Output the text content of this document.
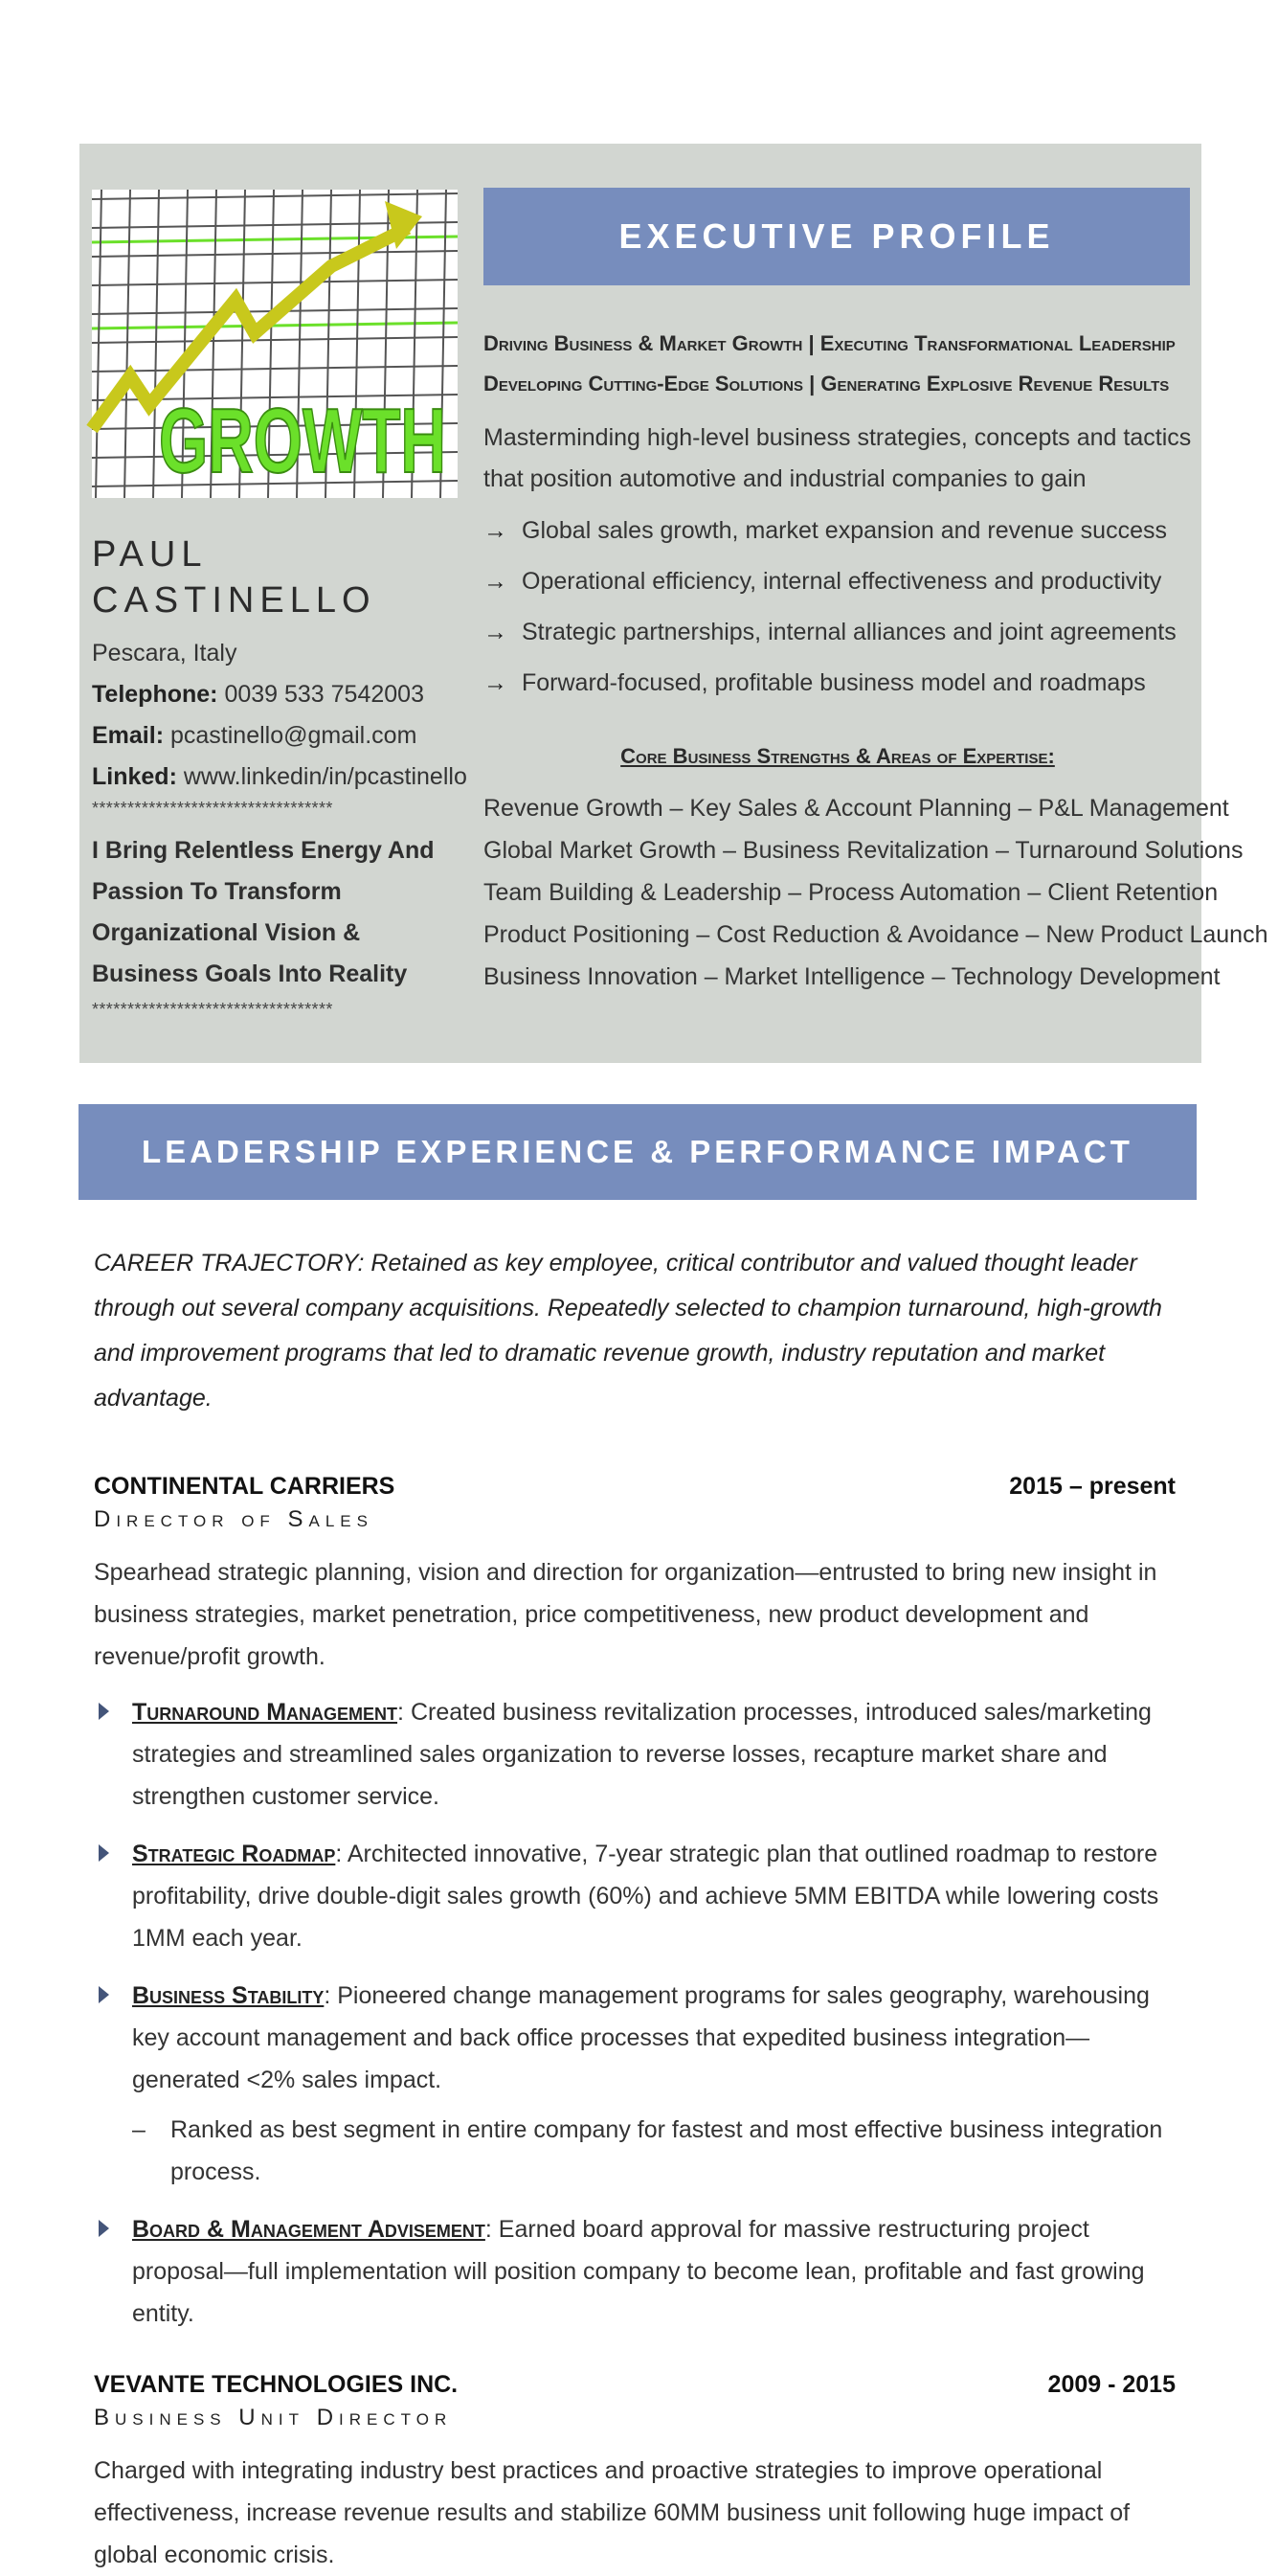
GROWTH
PAUL CASTINELLO
Pescara, Italy
Telephone: 0039 533 7542003
Email: pcastinello@gmail.com
Linked: www.linkedin/in/pcastinello
**********************************
I Bring Relentless Energy And Passion To Transform Organizational Vision & Business Goals Into Reality
**********************************
EXECUTIVE PROFILE
Driving Business & Market Growth | Executing Transformational Leadership
Developing Cutting-Edge Solutions | Generating Explosive Revenue Results
Masterminding high-level business strategies, concepts and tactics that position automotive and industrial companies to gain
→ Global sales growth, market expansion and revenue success
→ Operational efficiency, internal effectiveness and productivity
→ Strategic partnerships, internal alliances and joint agreements
→ Forward-focused, profitable business model and roadmaps
Core Business Strengths & Areas of Expertise:
Revenue Growth – Key Sales & Account Planning – P&L Management
Global Market Growth – Business Revitalization – Turnaround Solutions
Team Building & Leadership – Process Automation – Client Retention
Product Positioning – Cost Reduction & Avoidance – New Product Launch
Business Innovation – Market Intelligence – Technology Development
LEADERSHIP EXPERIENCE & PERFORMANCE IMPACT
CAREER TRAJECTORY: Retained as key employee, critical contributor and valued thought leader through out several company acquisitions. Repeatedly selected to champion turnaround, high-growth and improvement programs that led to dramatic revenue growth, industry reputation and market advantage.
CONTINENTAL CARRIERS	2015 – present
Director of Sales
Spearhead strategic planning, vision and direction for organization—entrusted to bring new insight in business strategies, market penetration, price competitiveness, new product development and revenue/profit growth.
Turnaround Management: Created business revitalization processes, introduced sales/marketing strategies and streamlined sales organization to reverse losses, recapture market share and strengthen customer service.
Strategic Roadmap: Architected innovative, 7-year strategic plan that outlined roadmap to restore profitability, drive double-digit sales growth (60%) and achieve 5MM EBITDA while lowering costs 1MM each year.
Business Stability: Pioneered change management programs for sales geography, warehousing key account management and back office processes that expedited business integration—generated <2% sales impact.
– Ranked as best segment in entire company for fastest and most effective business integration process.
Board & Management Advisement: Earned board approval for massive restructuring project proposal—full implementation will position company to become lean, profitable and fast growing entity.
VEVANTE TECHNOLOGIES INC.	2009 - 2015
Business Unit Director
Charged with integrating industry best practices and proactive strategies to improve operational effectiveness, increase revenue results and stabilize 60MM business unit following huge impact of global economic crisis.
